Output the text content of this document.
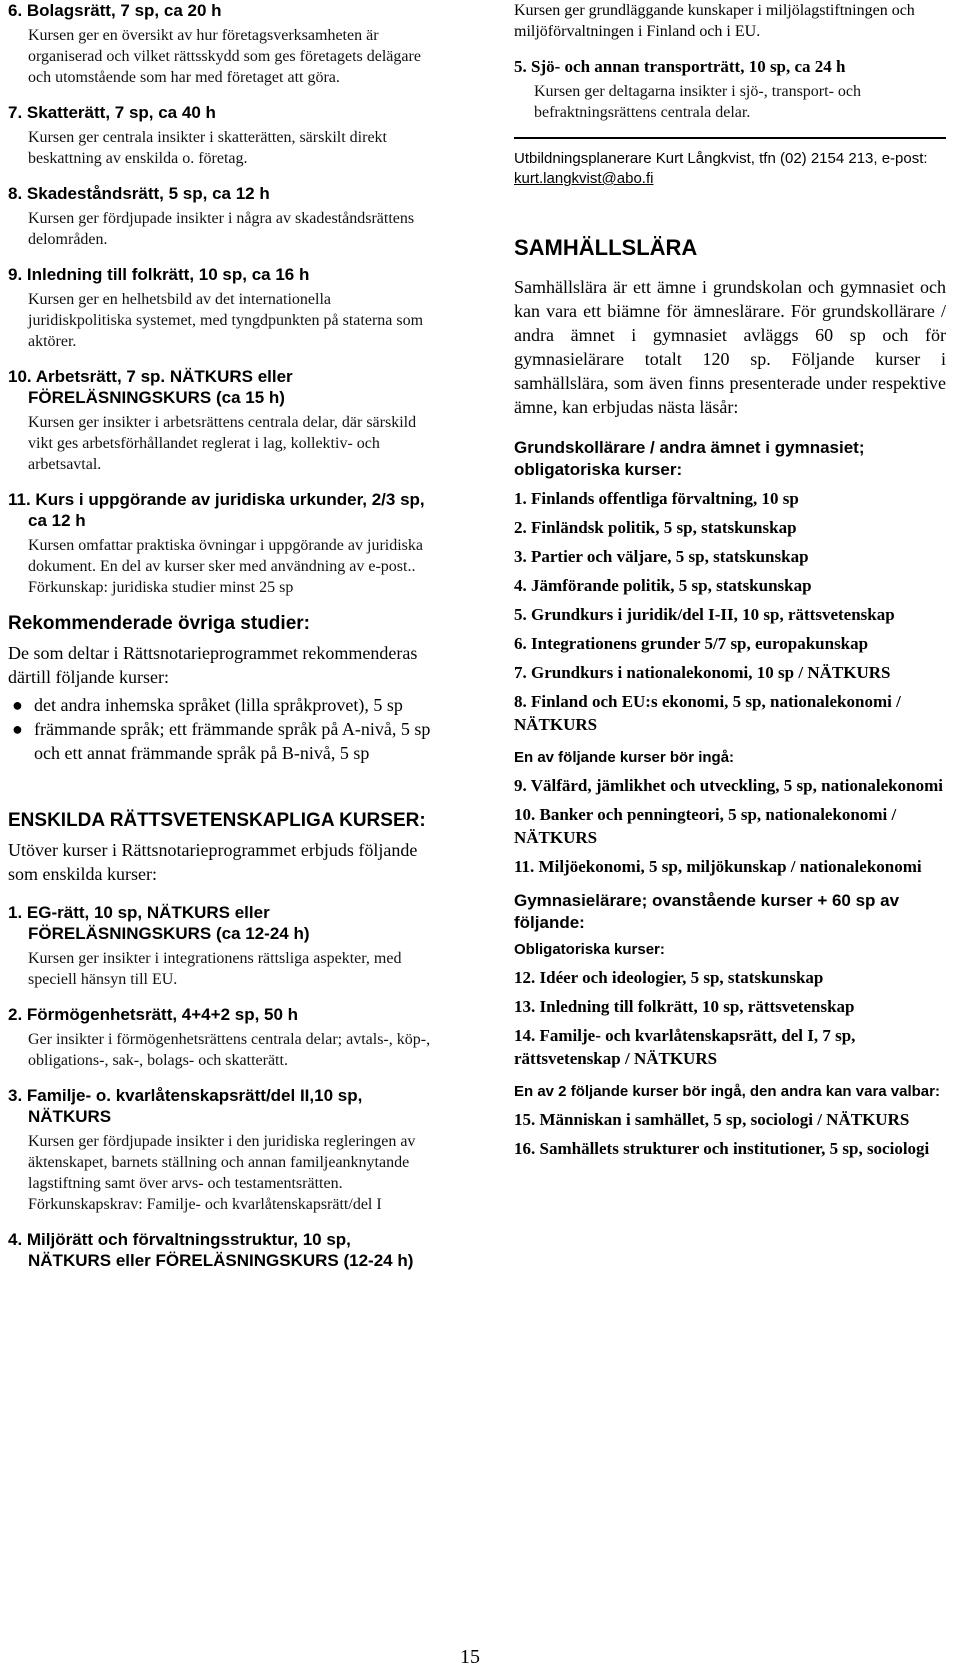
6. Bolagsrätt, 7 sp, ca 20 h

Kursen ger en översikt av hur företagsverksamheten är organiserad och vilket rättsskydd som ges företagets delägare och utomstående som har med företaget att göra.

7. Skatterätt, 7 sp, ca 40 h

Kursen ger centrala insikter i skatterätten, särskilt direkt beskattning av enskilda o. företag.

8. Skadeståndsrätt, 5 sp, ca 12 h

Kursen ger fördjupade insikter i några av skadeståndsrättens delområden.

9. Inledning till folkrätt, 10 sp, ca 16 h

Kursen ger en helhetsbild av det internationella juridiskpolitiska systemet, med tyngdpunkten på staterna som aktörer.

10. Arbetsrätt, 7 sp. NÄTKURS eller FÖRELÄSNINGSKURS (ca 15 h)

Kursen ger insikter i arbetsrättens centrala delar, där särskild vikt ges arbetsförhållandet reglerat i lag, kollektiv- och arbetsavtal.

11. Kurs i uppgörande av juridiska urkunder, 2/3 sp, ca 12 h

Kursen omfattar praktiska övningar i uppgörande av juridiska dokument. En del av kurser sker med användning av e-post.. Förkunskap: juridiska studier minst 25 sp

Rekommenderade övriga studier:

De som deltar i Rättsnotarieprogrammet rekommenderas därtill följande kurser:

● det andra inhemska språket (lilla språkprovet), 5 sp
● främmande språk; ett främmande språk på A-nivå, 5 sp och ett annat främmande språk på B-nivå, 5 sp

ENSKILDA RÄTTSVETENSKAPLIGA KURSER:

Utöver kurser i Rättsnotarieprogrammet erbjuds följande som enskilda kurser:

1. EG-rätt, 10 sp, NÄTKURS eller FÖRELÄSNINGSKURS (ca 12-24 h)

Kursen ger insikter i integrationens rättsliga aspekter, med speciell hänsyn till EU.

2. Förmögenhetsrätt, 4+4+2 sp, 50 h

Ger insikter i förmögenhetsrättens centrala delar; avtals-, köp-, obligations-, sak-, bolags- och skatterätt.

3. Familje- o. kvarlåtenskapsrätt/del II,10 sp, NÄTKURS

Kursen ger fördjupade insikter i den juridiska regleringen av äktenskapet, barnets ställning och annan familjeanknytande lagstiftning samt över arvs- och testamentsrätten. Förkunskapskrav: Familje- och kvarlåtenskapsrätt/del I

4. Miljörätt och förvaltningsstruktur, 10 sp, NÄTKURS eller FÖRELÄSNINGSKURS (12-24 h)

Kursen ger grundläggande kunskaper i miljölagstiftningen och miljöförvaltningen i Finland och i EU.

5. Sjö- och annan transporträtt, 10 sp, ca 24 h

Kursen ger deltagarna insikter i sjö-, transport- och befraktningsrättens centrala delar.

Utbildningsplanerare Kurt Långkvist, tfn (02) 2154 213, e-post: kurt.langkvist@abo.fi

SAMHÄLLSLÄRA

Samhällslära är ett ämne i grundskolan och gymnasiet och kan vara ett biämne för ämneslärare. För grundskollärare / andra ämnet i gymnasiet avläggs 60 sp och för gymnasielärare totalt 120 sp. Följande kurser i samhällslära, som även finns presenterade under respektive ämne, kan erbjudas nästa läsår:

Grundskollärare / andra ämnet i gymnasiet; obligatoriska kurser:

1. Finlands offentliga förvaltning, 10 sp

2. Finländsk politik, 5 sp, statskunskap

3. Partier och väljare, 5 sp, statskunskap

4. Jämförande politik, 5 sp, statskunskap

5. Grundkurs i juridik/del I-II, 10 sp, rättsvetenskap

6. Integrationens grunder 5/7 sp, europakunskap

7. Grundkurs i nationalekonomi, 10 sp / NÄTKURS

8. Finland och EU:s ekonomi, 5 sp, nationalekonomi / NÄTKURS

En av följande kurser bör ingå:

9. Välfärd, jämlikhet och utveckling, 5 sp, nationalekonomi

10. Banker och penningteori, 5 sp, nationalekonomi / NÄTKURS

11. Miljöekonomi, 5 sp, miljökunskap / nationalekonomi

Gymnasielärare; ovanstående kurser + 60 sp av följande:

Obligatoriska kurser:

12. Idéer och ideologier, 5 sp, statskunskap

13. Inledning till folkrätt, 10 sp, rättsvetenskap

14. Familje- och kvarlåtenskapsrätt, del I, 7 sp, rättsvetenskap / NÄTKURS

En av 2 följande kurser bör ingå, den andra kan vara valbar:

15. Människan i samhället, 5 sp, sociologi / NÄTKURS

16. Samhällets strukturer och institutioner, 5 sp, sociologi

15
